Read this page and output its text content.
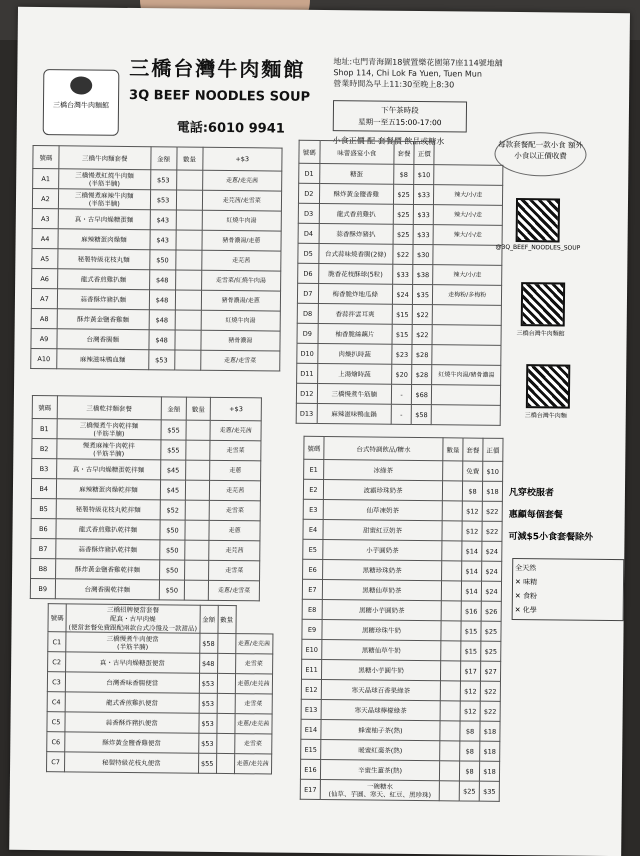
三橋台灣牛肉麵館
三橋台灣牛肉麵館
3Q BEEF NOODLES SOUP
電話:6010 9941
地址:屯門青海圍18號置樂花園第7座114號地舖
Shop 114, Chi Lok Fa Yuen, Tuen Mun
營業時間為早上11:30至晚上8:30
下午茶時段
星期一至五15:00-17:00
小食正價 配 套餐價 飲品或糖水	每款套餐配一款小食 額外小食以正價收費
號碼	三橋牛肉麵套餐	金額	數量	+$3
A1	三橋慢煮紅燒牛肉麵
(半筋半腩)	$53		走蔥/走芫茜
A2	三橋慢煮麻辣牛肉麵
(半筋半腩)	$53		走芫茜/走雪菜
A3	真・古早肉燥糖蛋麵	$43		紅燒牛肉湯
A4	麻辣糖蛋肉燥麵	$43		豬骨濃湯/走蔥
A5	秘製特級花枝丸麵	$50		走芫茜
A6	龍式香煎雞扒麵	$48		走雪菜/紅燒牛肉湯
A7	蒜香酥炸豬扒麵	$48		豬骨濃湯/走蔥
A8	酥炸黃金鹽香雞麵	$48		紅燒牛肉湯
A9	台灣香腸麵	$48		豬骨濃湯
A10	麻辣滋味鴨血麵	$53		走蔥/走雪菜
號碼	三橋乾拌麵套餐	金額	數量	+$3
B1	三橋慢煮牛肉乾拌麵
(半筋半腩)	$55		走蔥/走芫茜
B2	慢煮麻辣牛肉乾拌
(半筋半腩)	$55		走雪菜
B3	真・古早肉燥糖蛋乾拌麵	$45		走蔥
B4	麻辣糖蛋肉燥乾拌麵	$45		走芫茜
B5	秘製特級花枝丸乾拌麵	$52		走雪菜
B6	龍式香煎雞扒乾拌麵	$50		走蔥
B7	蒜香酥炸豬扒乾拌麵	$50		走芫茜
B8	酥炸黃金鹽香雞乾拌麵	$50		走雪菜
B9	台灣香腸乾拌麵	$50		走蔥/走雪菜
號碼	三橋招牌便當套餐
配真・古早肉燥
(便當套餐免費跟配兩款台式冷盤及一款甜品)	金額	數量	
C1	三橋慢煮牛肉便當
(半筋半腩)	$58		走蔥/走芫茜
C2	真・古早肉燥糖蛋便當	$48		走雪菜
C3	台灣香味香腸便當	$53		走蔥/走芫茜
C4	龍式香煎雞扒便當	$53		走雪菜
C5	蒜香酥炸豬扒便當	$53		走蔥/走芫茜
C6	酥炸黃金鹽香雞便當	$53		走雪菜
C7	秘製特級花枝丸便當	$55		走蔥/走芫茜
號碼	味蕾盛宴小食	套餐	正價	
D1	糖蛋	$8	$10	
D2	酥炸黃金鹽香雞	$25	$33	辣大/小/走
D3	龍式香煎雞扒	$25	$33	辣大/小/走
D4	蒜香酥炸豬扒	$25	$33	辣大/小/走
D5	台式蒜味燒香腸(2條)	$22	$30	
D6	脆香花枝酥球(5粒)	$33	$38	辣大/小/走
D7	梅香脆炸地瓜條	$24	$35	走梅粉/多梅粉
D8	香蒜拌雲耳爽	$15	$22	
D9	柚香脆絲藕片	$15	$22	
D10	肉燥扒時蔬	$23	$28	
D11	上湯燴時蔬	$20	$28	紅燒牛肉湯/豬骨濃湯
D12	三橋慢煮牛筋腩	-	$68	
D13	麻辣滋味鴨血鍋	-	$58	
號碼	台式特調飲品/糖水	數量	套餐	正價
E1	冰綠茶		免費	$10
E2	波霸珍珠奶茶		$8	$18
E3	仙草凍奶茶		$12	$22
E4	甜蜜紅豆奶茶		$12	$22
E5	小芋圓奶茶		$14	$24
E6	黑糖珍珠奶茶		$14	$24
E7	黑糖仙草奶茶		$14	$24
E8	黑糖小芋圓奶茶		$16	$26
E9	黑糖珍珠牛奶		$15	$25
E10	黑糖仙草牛奶		$15	$25
E11	黑糖小芋圓牛奶		$17	$27
E12	寒天晶球百香果綠茶		$12	$22
E13	寒天晶球檸檬綠茶		$12	$22
E14	蜂蜜柚子茶(熱)		$8	$18
E15	暖蜜紅棗茶(熱)		$8	$18
E16	辛蜜生薑茶(熱)		$8	$18
E17	一碗糖水
(仙草、芋圓、寒天、紅豆、黑珍珠)		$25	$35
@3Q_BEEF_NOODLES_SOUP
三橋台灣牛肉麵館
三橋台灣牛肉麵
凡穿校服者
惠顧每個套餐
可減$5小食套餐除外
全天然
✕ 味精
✕ 食粉
✕ 化學
